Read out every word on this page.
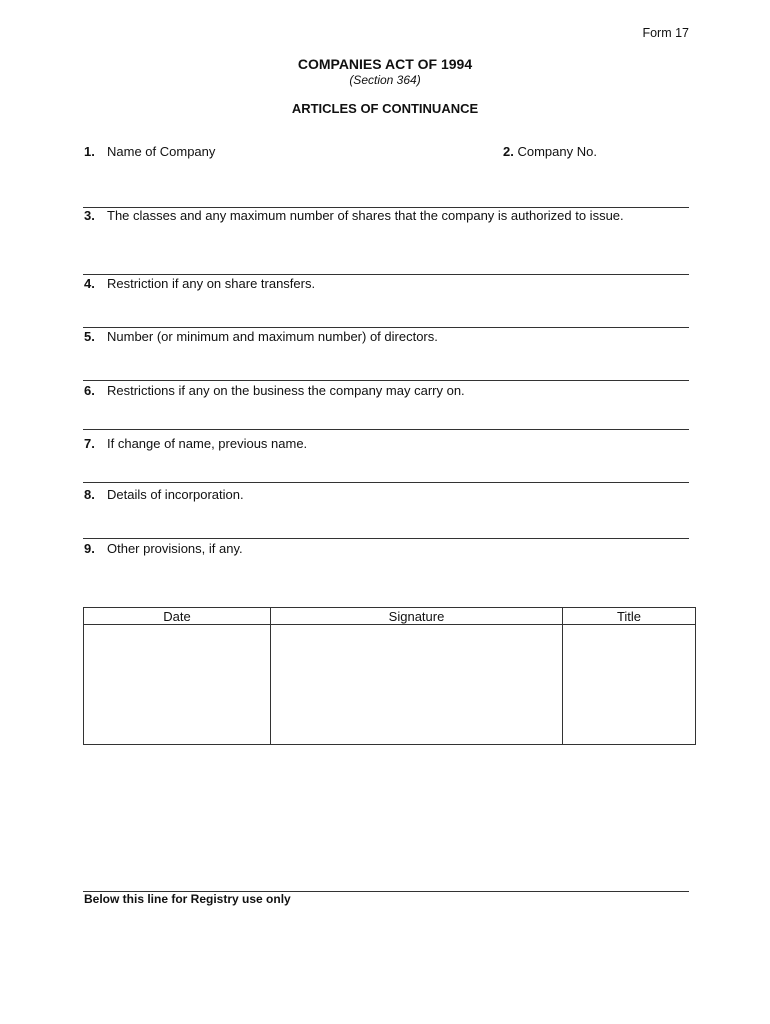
Form 17
COMPANIES ACT OF 1994
(Section 364)
ARTICLES OF CONTINUANCE
1. Name of Company	2. Company No.
3. The classes and any maximum number of shares that the company is authorized to issue.
4. Restriction if any on share transfers.
5. Number (or minimum and maximum number) of directors.
6. Restrictions if any on the business the company may carry on.
7. If change of name, previous name.
8. Details of incorporation.
9. Other provisions, if any.
Date	Signature	Title

Below this line for Registry use only
